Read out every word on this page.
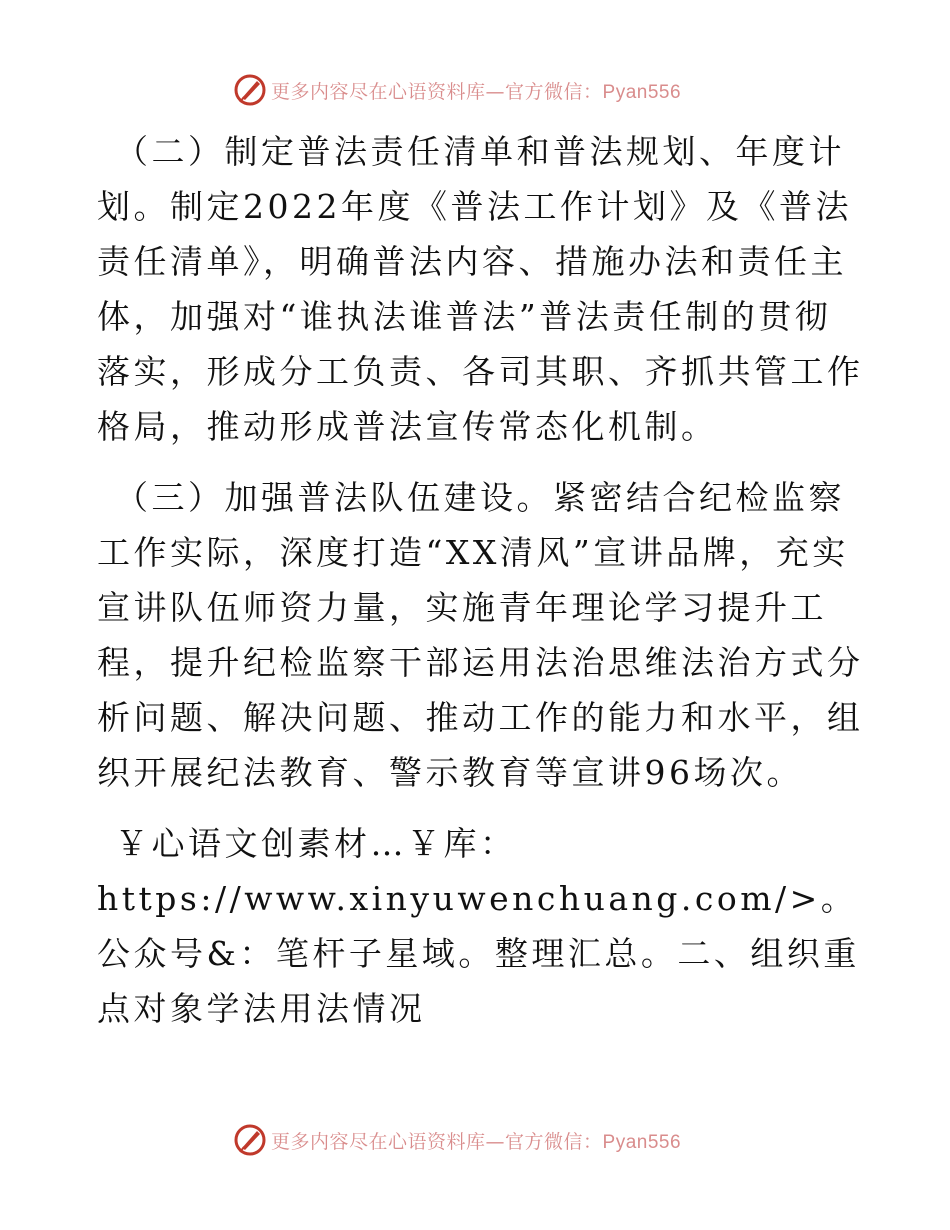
更多内容尽在心语资料库—官方微信：Pyan556

（二）制定普法责任清单和普法规划、年度计划。制定2022年度《普法工作计划》及《普法责任清单》，明确普法内容、措施办法和责任主体，加强对“谁执法谁普法”普法责任制的贯彻落实，形成分工负责、各司其职、齐抓共管工作格局，推动形成普法宣传常态化机制。

（三）加强普法队伍建设。紧密结合纪检监察工作实际，深度打造“XX清风”宣讲品牌，充实宣讲队伍师资力量，实施青年理论学习提升工程，提升纪检监察干部运用法治思维法治方式分析问题、解决问题、推动工作的能力和水平，组织开展纪法教育、警示教育等宣讲96场次。

￥心语文创素材…￥库：https://www.xinyuwenchuang.com/>。公众号&：笔杆子星域。整理汇总。二、组织重点对象学法用法情况

更多内容尽在心语资料库—官方微信：Pyan556
